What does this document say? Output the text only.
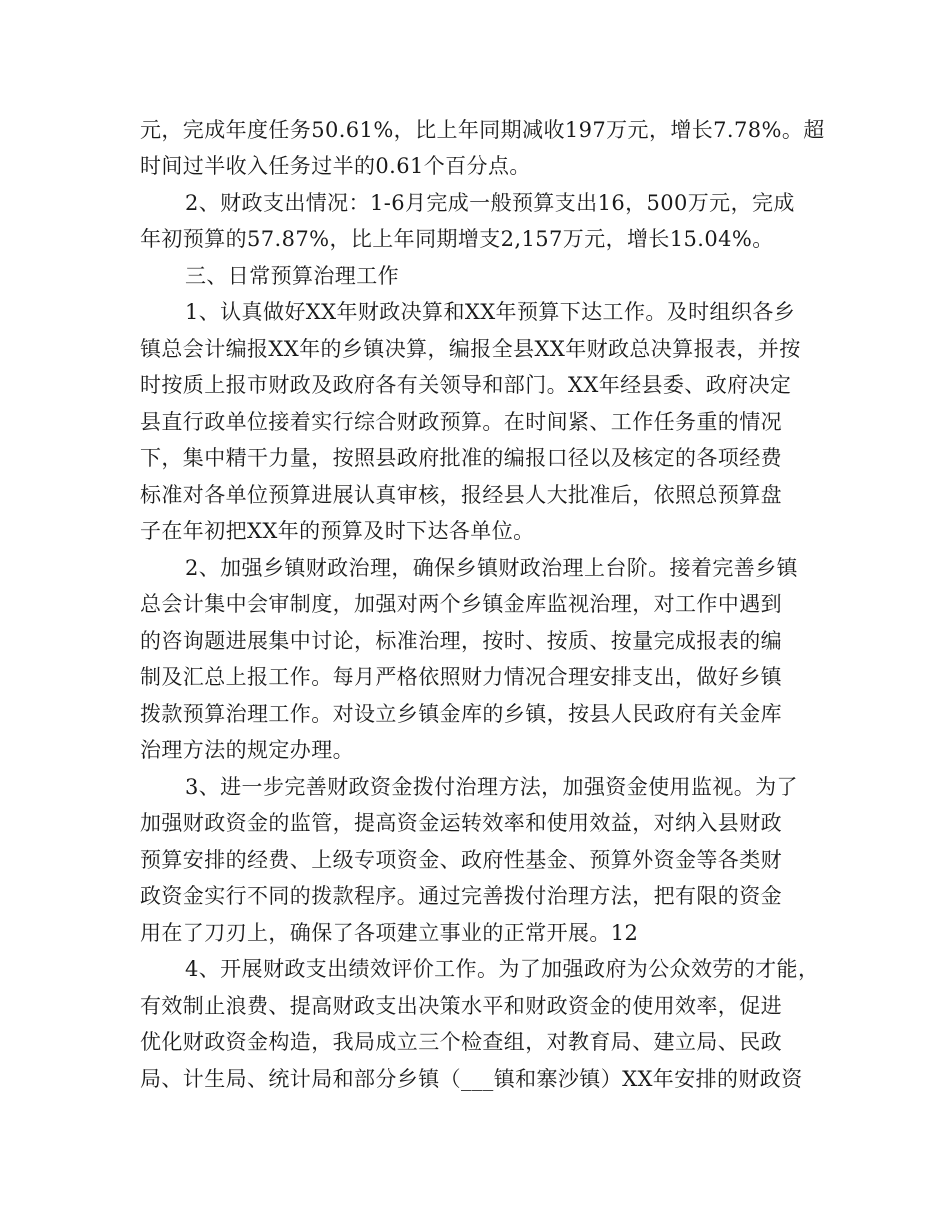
元，完成年度任务50.61%，比上年同期减收197万元，增长7.78%。超

时间过半收入任务过半的0.61个百分点。

2、财政支出情况：1-6月完成一般预算支出16，500万元，完成

年初预算的57.87%，比上年同期增支2,157万元，增长15.04%。

三、日常预算治理工作

1、认真做好XX年财政决算和XX年预算下达工作。及时组织各乡

镇总会计编报XX年的乡镇决算，编报全县XX年财政总决算报表，并按

时按质上报市财政及政府各有关领导和部门。XX年经县委、政府决定

县直行政单位接着实行综合财政预算。在时间紧、工作任务重的情况

下，集中精干力量，按照县政府批准的编报口径以及核定的各项经费

标准对各单位预算进展认真审核，报经县人大批准后，依照总预算盘

子在年初把XX年的预算及时下达各单位。

2、加强乡镇财政治理，确保乡镇财政治理上台阶。接着完善乡镇

总会计集中会审制度，加强对两个乡镇金库监视治理，对工作中遇到

的咨询题进展集中讨论，标准治理，按时、按质、按量完成报表的编

制及汇总上报工作。每月严格依照财力情况合理安排支出，做好乡镇

拨款预算治理工作。对设立乡镇金库的乡镇，按县人民政府有关金库

治理方法的规定办理。

3、进一步完善财政资金拨付治理方法，加强资金使用监视。为了

加强财政资金的监管，提高资金运转效率和使用效益，对纳入县财政

预算安排的经费、上级专项资金、政府性基金、预算外资金等各类财

政资金实行不同的拨款程序。通过完善拨付治理方法，把有限的资金

用在了刀刃上，确保了各项建立事业的正常开展。12

4、开展财政支出绩效评价工作。为了加强政府为公众效劳的才能，

有效制止浪费、提高财政支出决策水平和财政资金的使用效率，促进

优化财政资金构造，我局成立三个检查组，对教育局、建立局、民政

局、计生局、统计局和部分乡镇（___镇和寨沙镇）XX年安排的财政资
